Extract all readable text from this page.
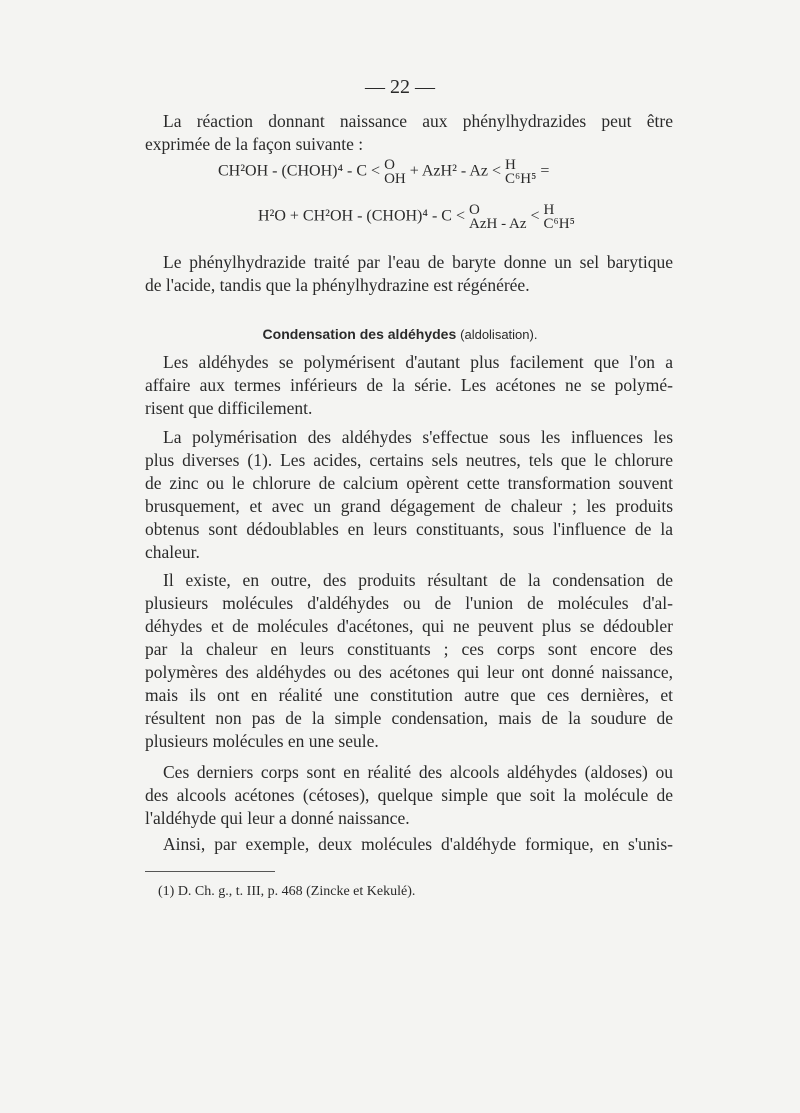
— 22 —
La réaction donnant naissance aux phénylhydrazides peut être
exprimée de la façon suivante :
CH²OH - (CHOH)⁴ - C < O
OH + AzH² - Az < H
C⁶H⁵ =
H²O + CH²OH - (CHOH)⁴ - C < O
AzH - Az < H
C⁶H⁵
Le phénylhydrazide traité par l'eau de baryte donne un sel barytique
de l'acide, tandis que la phénylhydrazine est régénérée.
Condensation des aldéhydes (aldolisation).
Les aldéhydes se polymérisent d'autant plus facilement que l'on a
affaire aux termes inférieurs de la série. Les acétones ne se polymé-
risent que difficilement.
La polymérisation des aldéhydes s'effectue sous les influences les
plus diverses (1). Les acides, certains sels neutres, tels que le chlorure
de zinc ou le chlorure de calcium opèrent cette transformation souvent
brusquement, et avec un grand dégagement de chaleur ; les produits
obtenus sont dédoublables en leurs constituants, sous l'influence de la
chaleur.
Il existe, en outre, des produits résultant de la condensation de
plusieurs molécules d'aldéhydes ou de l'union de molécules d'al-
déhydes et de molécules d'acétones, qui ne peuvent plus se dédoubler
par la chaleur en leurs constituants ; ces corps sont encore des
polymères des aldéhydes ou des acétones qui leur ont donné naissance,
mais ils ont en réalité une constitution autre que ces dernières, et
résultent non pas de la simple condensation, mais de la soudure de
plusieurs molécules en une seule.
Ces derniers corps sont en réalité des alcools aldéhydes (aldoses) ou
des alcools acétones (cétoses), quelque simple que soit la molécule de
l'aldéhyde qui leur a donné naissance.
Ainsi, par exemple, deux molécules d'aldéhyde formique, en s'unis-
(1) D. Ch. g., t. III, p. 468 (Zincke et Kekulé).
